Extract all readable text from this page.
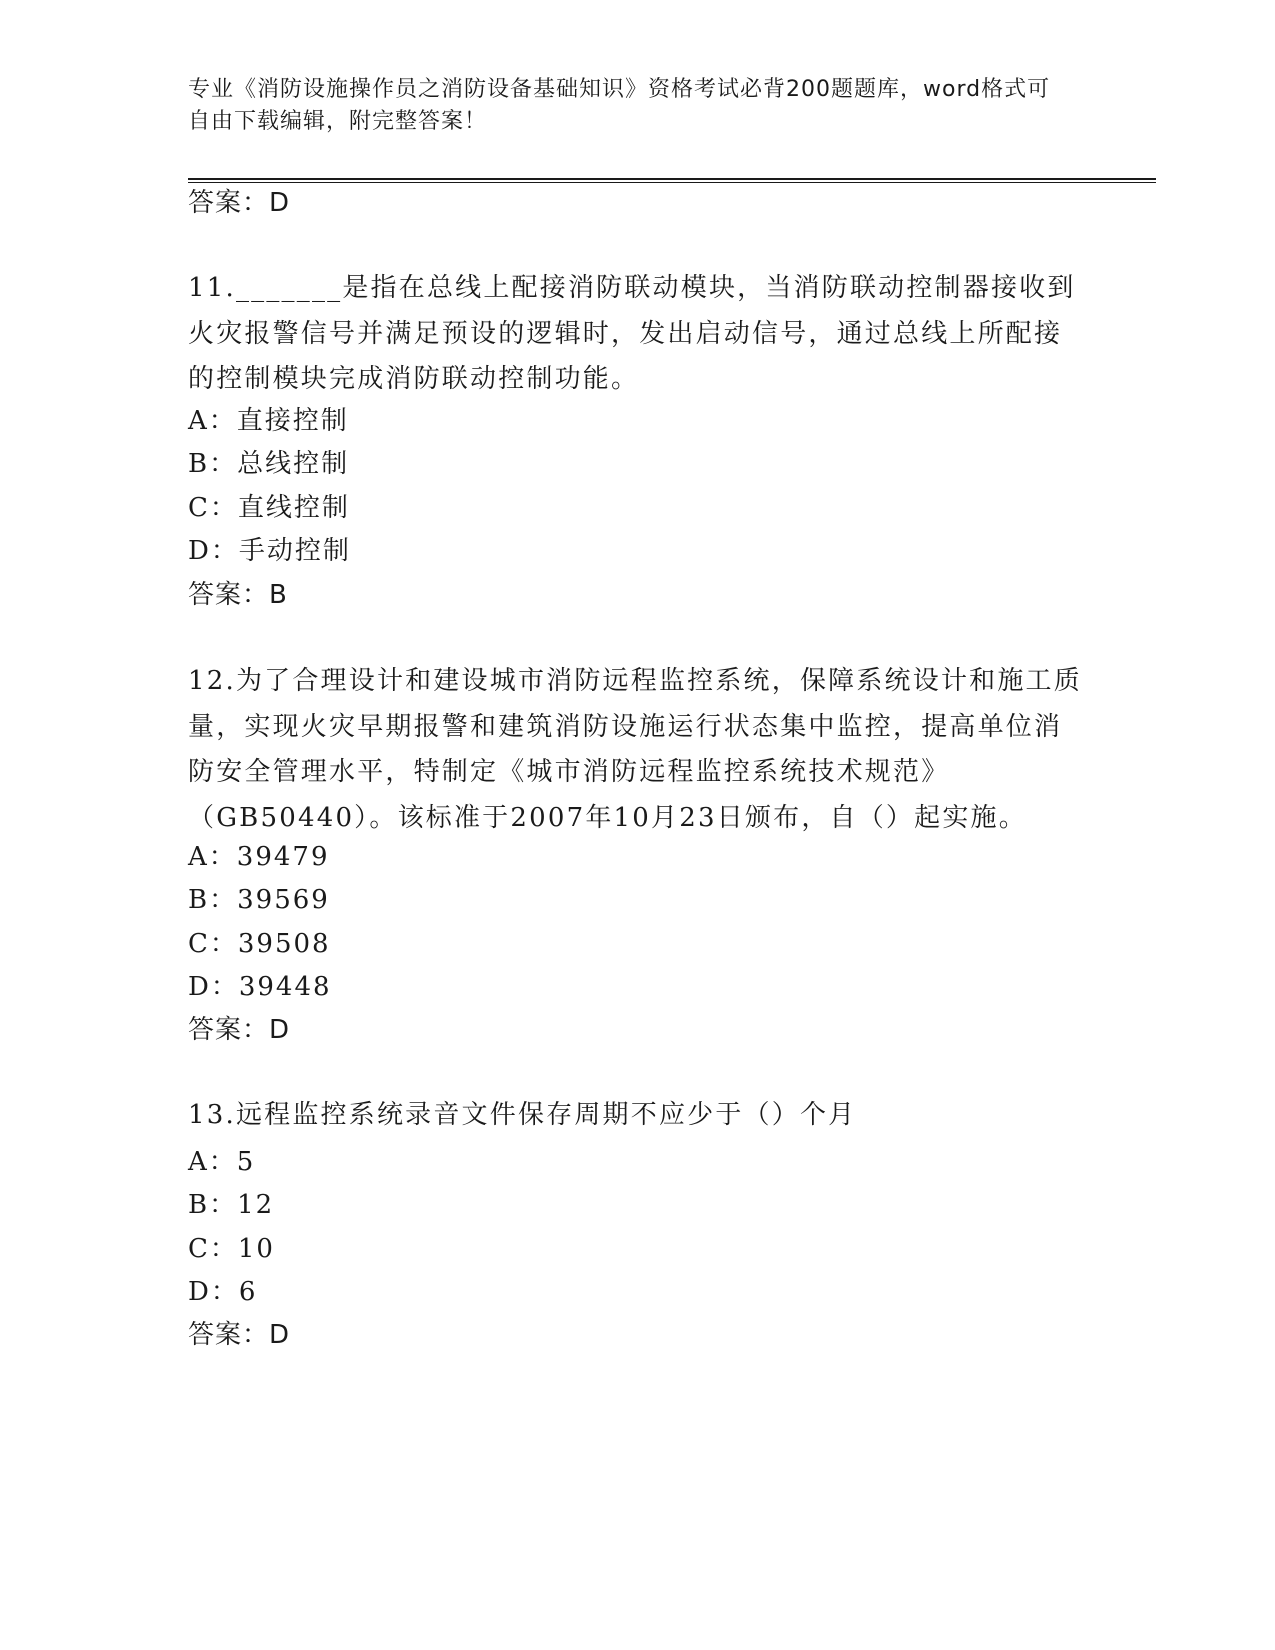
专业《消防设施操作员之消防设备基础知识》资格考试必背200题题库，word格式可自由下载编辑，附完整答案！
答案：D
11._______是指在总线上配接消防联动模块，当消防联动控制器接收到火灾报警信号并满足预设的逻辑时，发出启动信号，通过总线上所配接的控制模块完成消防联动控制功能。
A：直接控制
B：总线控制
C：直线控制
D：手动控制
答案：B
12.为了合理设计和建设城市消防远程监控系统，保障系统设计和施工质量，实现火灾早期报警和建筑消防设施运行状态集中监控，提高单位消防安全管理水平，特制定《城市消防远程监控系统技术规范》（GB50440）。该标准于2007年10月23日颁布，自（）起实施。
A：39479
B：39569
C：39508
D：39448
答案：D
13.远程监控系统录音文件保存周期不应少于（）个月
A：5
B：12
C：10
D：6
答案：D
